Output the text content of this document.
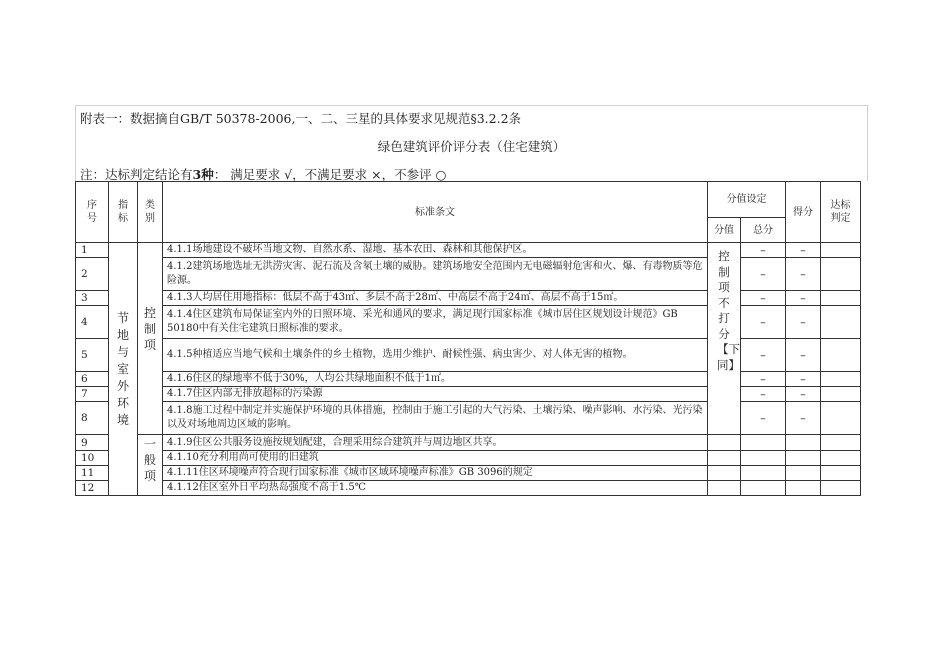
附表一：数据摘自GB/T 50378-2006,一、二、三星的具体要求见规范§3.2.2条
绿色建筑评价评分表（住宅建筑）
注：达标判定结论有3种： 满足要求 √，不满足要求 ×，不参评 ○
序号	指标	类别	标准条文	分值设定		得分	达标判定

				分值	总分		
1	节地与室外环境	控制项	4.1.1场地建设不破坏当地文物、自然水系、湿地、基本农田、森林和其他保护区。	控制项不打分【下同】	–	–	
2			4.1.2建筑场地选址无洪涝灾害、泥石流及含氡土壤的威胁。建筑场地安全范围内无电磁辐射危害和火、爆、有毒物质等危险源。		–	–	
3			4.1.3人均居住用地指标：低层不高于43㎡、多层不高于28㎡、中高层不高于24㎡、高层不高于15㎡。		–	–	
4			4.1.4住区建筑布局保证室内外的日照环境、采光和通风的要求，满足现行国家标准《城市居住区规划设计规范》GB 50180中有关住宅建筑日照标准的要求。		–	–	
5			4.1.5种植适应当地气候和土壤条件的乡土植物，选用少维护、耐候性强、病虫害少、对人体无害的植物。		–	–	
6			4.1.6住区的绿地率不低于30%，人均公共绿地面积不低于1㎡。		–	–	
7			4.1.7住区内部无排放超标的污染源		–	–	
8			4.1.8施工过程中制定并实施保护环境的具体措施，控制由于施工引起的大气污染、土壤污染、噪声影响、水污染、光污染以及对场地周边区域的影响。		–	–	
9		一般项	4.1.9住区公共服务设施按规划配建，合理采用综合建筑并与周边地区共享。				
10			4.1.10充分利用尚可使用的旧建筑				
11			4.1.11住区环境噪声符合现行国家标准《城市区域环境噪声标准》GB 3096的规定				
12			4.1.12住区室外日平均热岛强度不高于1.5℃				
